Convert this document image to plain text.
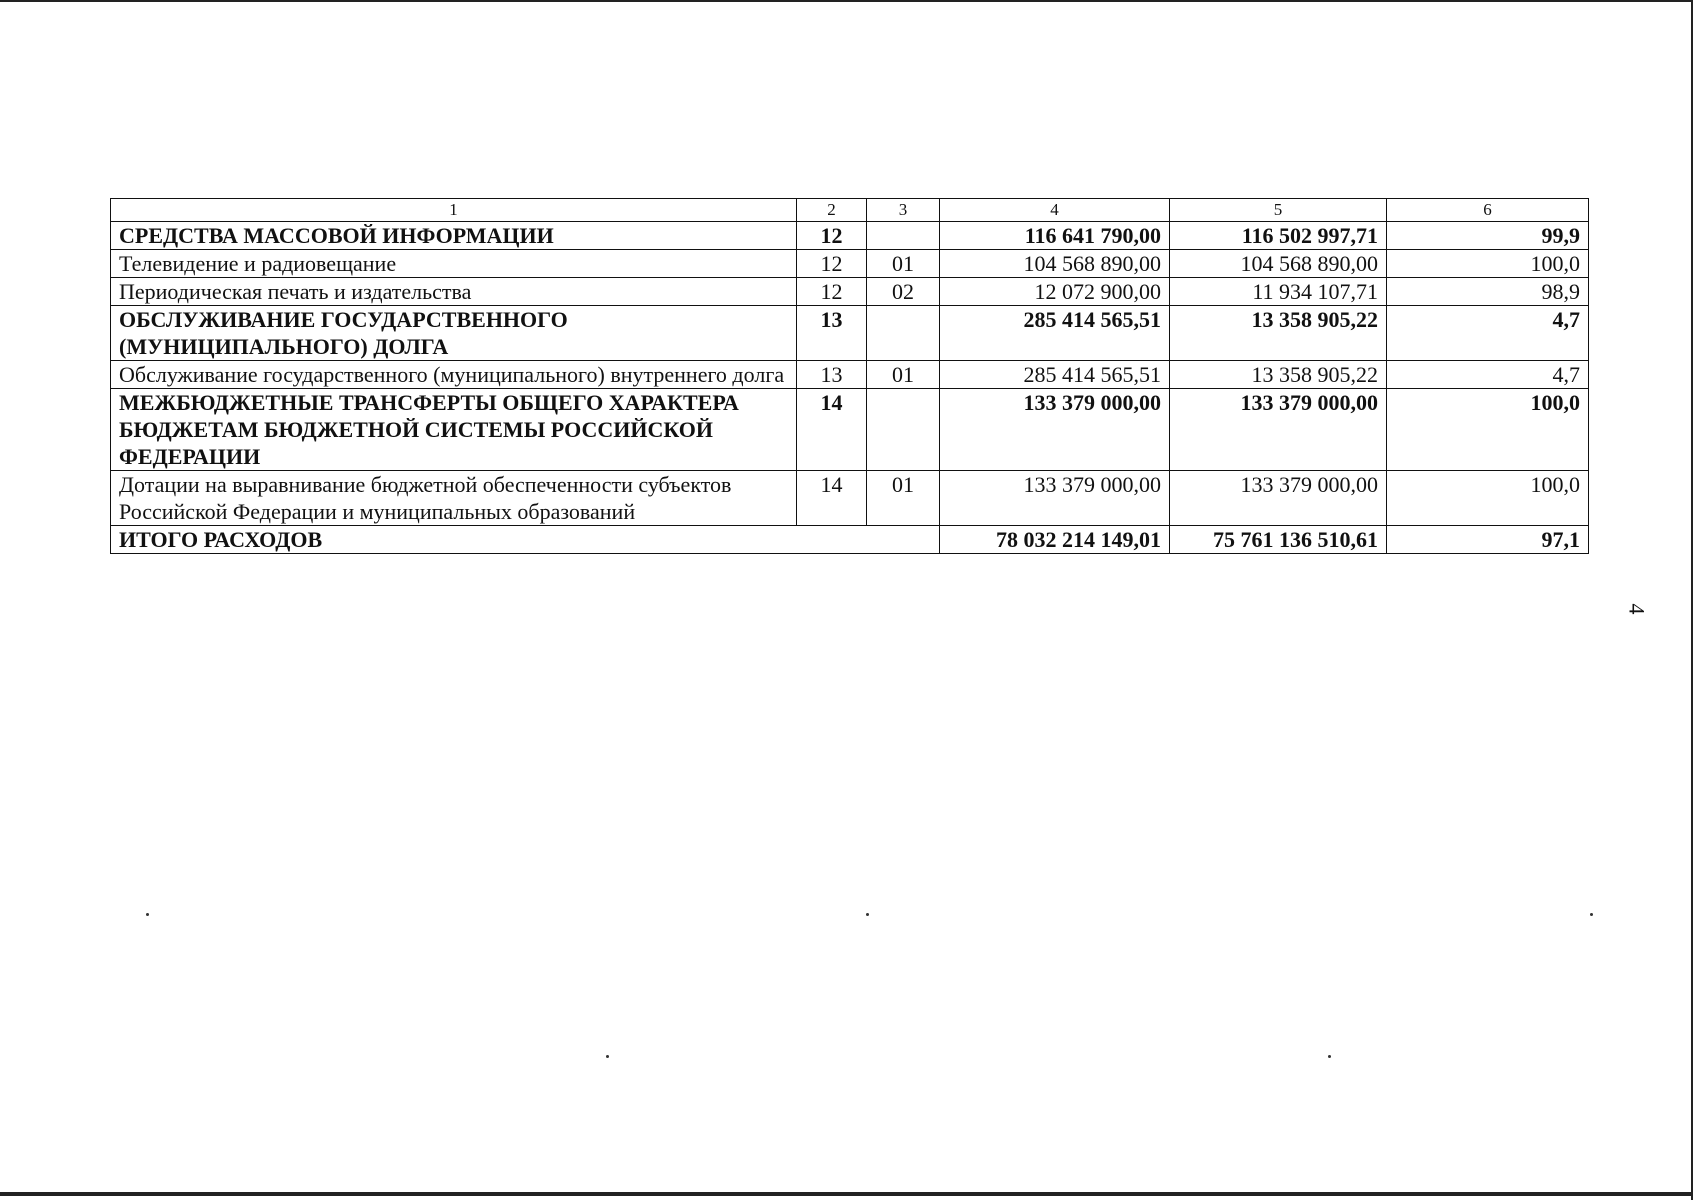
1	2	3	4	5	6
СРЕДСТВА МАССОВОЙ ИНФОРМАЦИИ	12		116 641 790,00	116 502 997,71	99,9
Телевидение и радиовещание	12	01	104 568 890,00	104 568 890,00	100,0
Периодическая печать и издательства	12	02	12 072 900,00	11 934 107,71	98,9
ОБСЛУЖИВАНИЕ ГОСУДАРСТВЕННОГО (МУНИЦИПАЛЬНОГО) ДОЛГА	13		285 414 565,51	13 358 905,22	4,7
Обслуживание государственного (муниципального) внутреннего долга	13	01	285 414 565,51	13 358 905,22	4,7
МЕЖБЮДЖЕТНЫЕ ТРАНСФЕРТЫ ОБЩЕГО ХАРАКТЕРА БЮДЖЕТАМ БЮДЖЕТНОЙ СИСТЕМЫ РОССИЙСКОЙ ФЕДЕРАЦИИ	14		133 379 000,00	133 379 000,00	100,0
Дотации на выравнивание бюджетной обеспеченности субъектов Российской Федерации и муниципальных образований	14	01	133 379 000,00	133 379 000,00	100,0
ИТОГО РАСХОДОВ			78 032 214 149,01	75 761 136 510,61	97,1
4
